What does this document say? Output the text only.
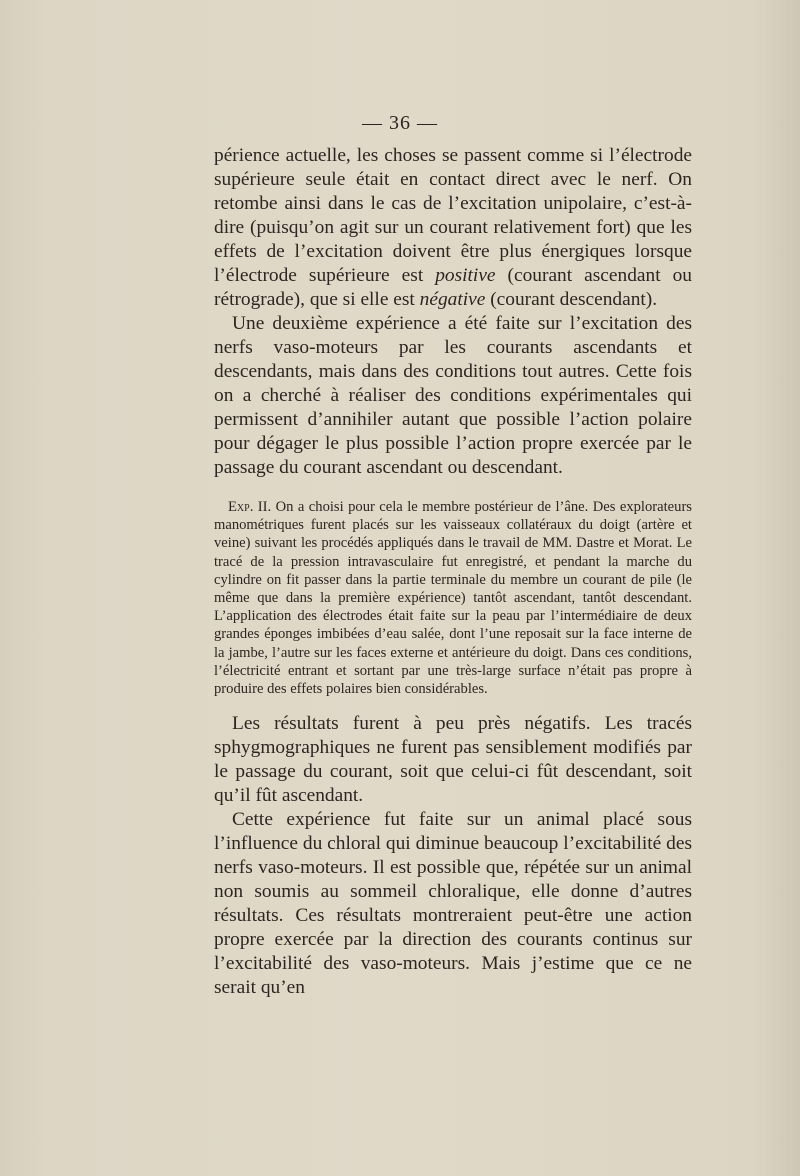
— 36 —

périence actuelle, les choses se passent comme si l’électrode supérieure seule était en contact direct avec le nerf. On retombe ainsi dans le cas de l’excitation unipolaire, c’est-à-dire (puisqu’on agit sur un courant relativement fort) que les effets de l’excitation doivent être plus énergiques lorsque l’électrode supérieure est positive (courant ascendant ou rétrograde), que si elle est négative (courant descendant).

Une deuxième expérience a été faite sur l’excitation des nerfs vaso-moteurs par les courants ascendants et descendants, mais dans des conditions tout autres. Cette fois on a cherché à réaliser des conditions expérimentales qui permissent d’annihiler autant que possible l’action polaire pour dégager le plus possible l’action propre exercée par le passage du courant ascendant ou descendant.

Exp. II. On a choisi pour cela le membre postérieur de l’âne. Des explorateurs manométriques furent placés sur les vaisseaux collatéraux du doigt (artère et veine) suivant les procédés appliqués dans le travail de MM. Dastre et Morat. Le tracé de la pression intravasculaire fut enregistré, et pendant la marche du cylindre on fit passer dans la partie terminale du membre un courant de pile (le même que dans la première expérience) tantôt ascendant, tantôt descendant. L’application des électrodes était faite sur la peau par l’intermédiaire de deux grandes éponges imbibées d’eau salée, dont l’une reposait sur la face interne de la jambe, l’autre sur les faces externe et antérieure du doigt. Dans ces conditions, l’électricité entrant et sortant par une très-large surface n’était pas propre à produire des effets polaires bien considérables.

Les résultats furent à peu près négatifs. Les tracés sphygmographiques ne furent pas sensiblement modifiés par le passage du courant, soit que celui-ci fût descendant, soit qu’il fût ascendant.

Cette expérience fut faite sur un animal placé sous l’influence du chloral qui diminue beaucoup l’excitabilité des nerfs vaso-moteurs. Il est possible que, répétée sur un animal non soumis au sommeil chloralique, elle donne d’autres résultats. Ces résultats montreraient peut-être une action propre exercée par la direction des courants continus sur l’excitabilité des vaso-moteurs. Mais j’estime que ce ne serait qu’en
